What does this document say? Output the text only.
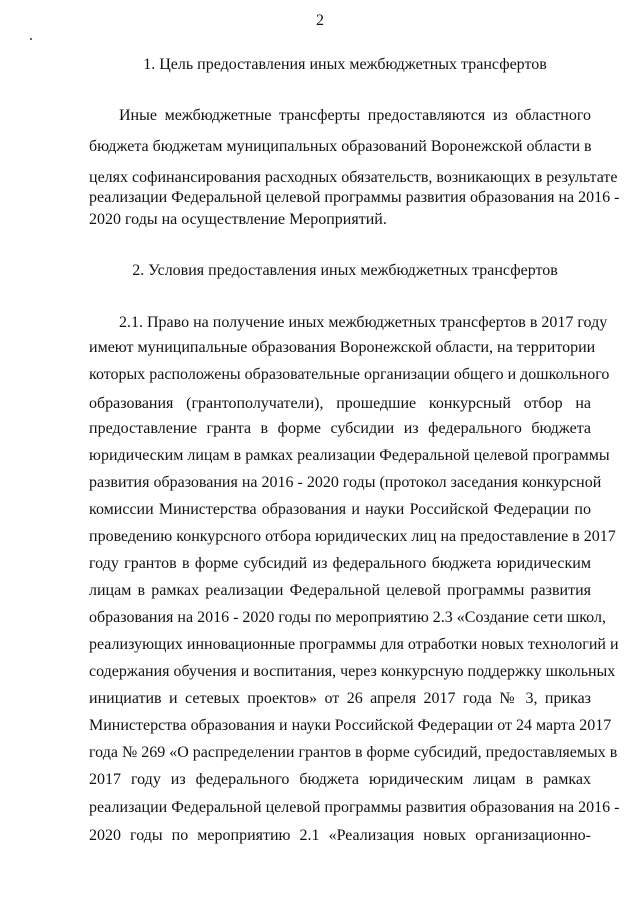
2
1. Цель предоставления иных межбюджетных трансфертов
Иные межбюджетные трансферты предоставляются из областного
бюджета бюджетам муниципальных образований Воронежской области в
целях софинансирования расходных обязательств, возникающих в результате
реализации Федеральной целевой программы развития образования на 2016 -
2020 годы на осуществление Мероприятий.
2. Условия предоставления иных межбюджетных трансфертов
2.1. Право на получение иных межбюджетных трансфертов в 2017 году
имеют муниципальные образования Воронежской области, на территории
которых расположены образовательные организации общего и дошкольного
образования (грантополучатели), прошедшие конкурсный отбор на
предоставление гранта в форме субсидии из федерального бюджета
юридическим лицам в рамках реализации Федеральной целевой программы
развития образования на 2016 - 2020 годы (протокол заседания конкурсной
комиссии Министерства образования и науки Российской Федерации по
проведению конкурсного отбора юридических лиц на предоставление в 2017
году грантов в форме субсидий из федерального бюджета юридическим
лицам в рамках реализации Федеральной целевой программы развития
образования на 2016 - 2020 годы по мероприятию 2.3 «Создание сети школ,
реализующих инновационные программы для отработки новых технологий и
содержания обучения и воспитания, через конкурсную поддержку школьных
инициатив и сетевых проектов» от 26 апреля 2017 года № 3, приказ
Министерства образования и науки Российской Федерации от 24 марта 2017
года № 269 «О распределении грантов в форме субсидий, предоставляемых в
2017 году из федерального бюджета юридическим лицам в рамках
реализации Федеральной целевой программы развития образования на 2016 -
2020 годы по мероприятию 2.1 «Реализация новых организационно-
